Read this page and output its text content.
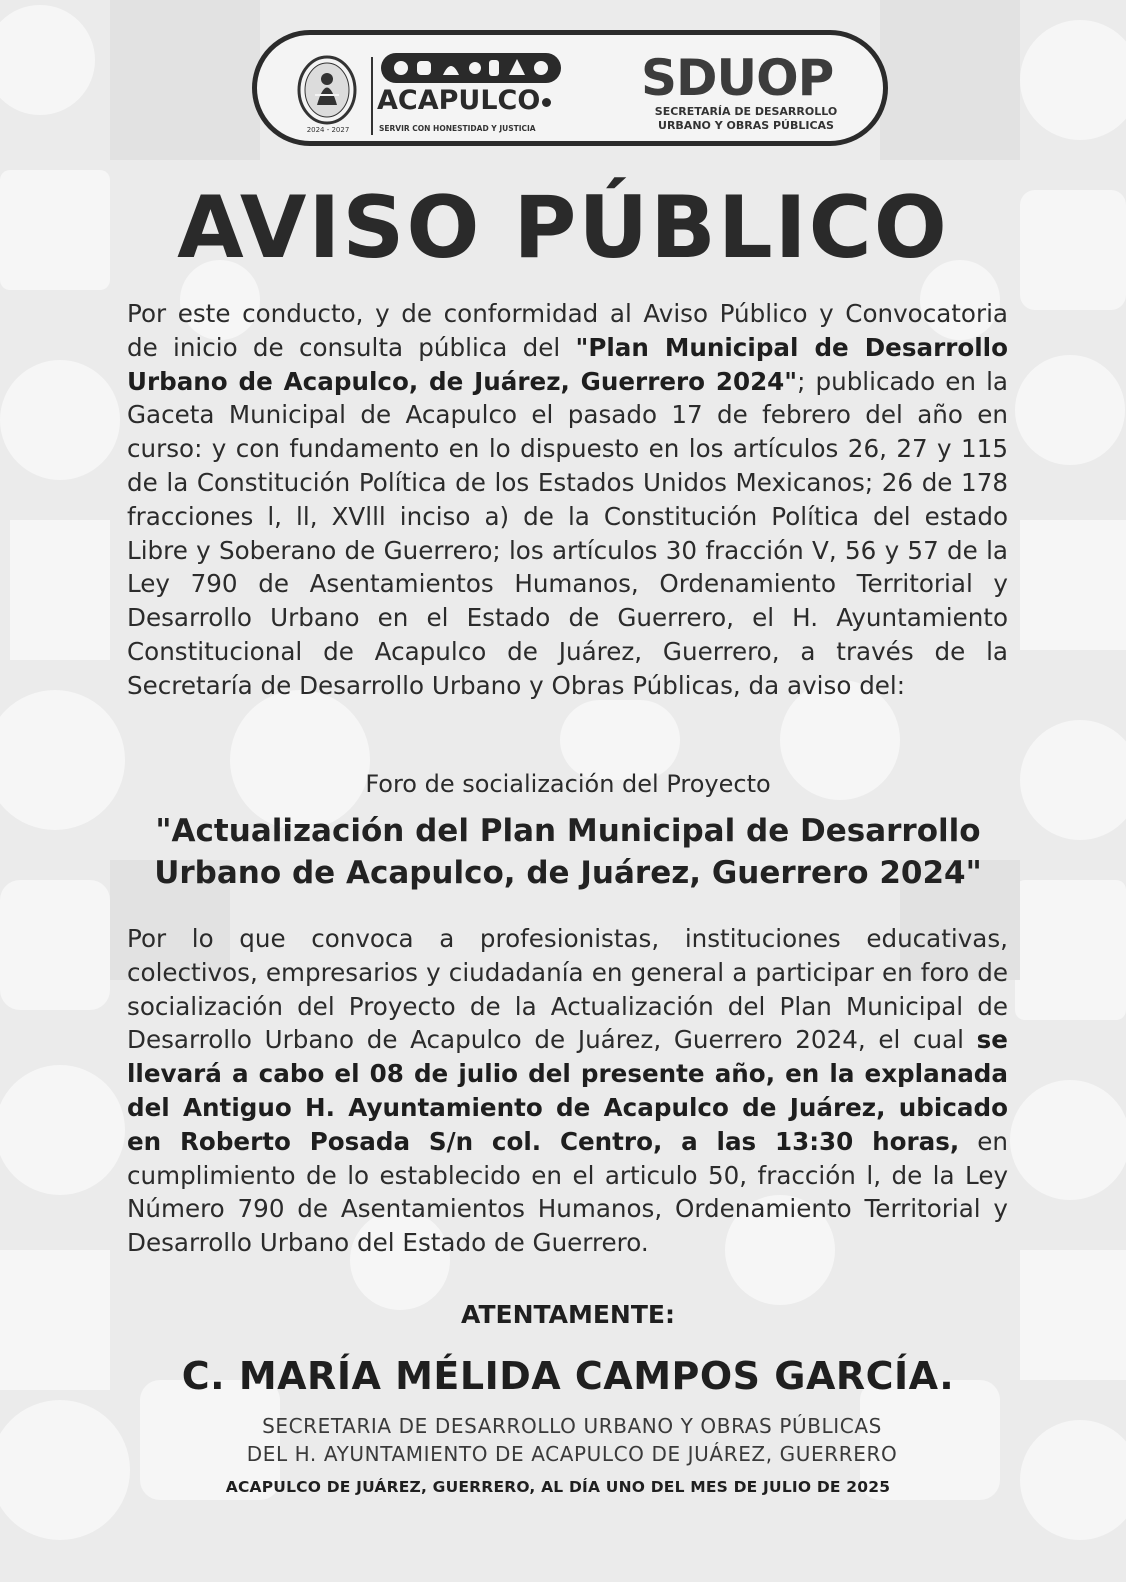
2024 - 2027
ACAPULCO
SERVIR CON HONESTIDAD Y JUSTICIA
SDUOP
SECRETARÍA DE DESARROLLO
URBANO Y OBRAS PÚBLICAS
AVISO PÚBLICO

Por este conducto, y de conformidad al Aviso Público y Convocatoria de inicio de consulta pública del "Plan Municipal de Desarrollo Urbano de Acapulco, de Juárez, Guerrero 2024"; publicado en la Gaceta Municipal de Acapulco el pasado 17 de febrero del año en curso: y con fundamento en lo dispuesto en los artículos 26, 27 y 115 de la Constitución Política de los Estados Unidos Mexicanos; 26 de 178 fracciones l, ll, XVlll inciso a) de la Constitución Política del estado Libre y Soberano de Guerrero; los artículos 30 fracción V, 56 y 57 de la Ley 790 de Asentamientos Humanos, Ordenamiento Territorial y Desarrollo Urbano en el Estado de Guerrero, el H. Ayuntamiento Constitucional de Acapulco de Juárez, Guerrero, a través de la Secretaría de Desarrollo Urbano y Obras Públicas, da aviso del:

Foro de socialización del Proyecto
"Actualización del Plan Municipal de Desarrollo Urbano de Acapulco, de Juárez, Guerrero 2024"

Por lo que convoca a profesionistas, instituciones educativas, colectivos, empresarios y ciudadanía en general a participar en foro de socialización del Proyecto de la Actualización del Plan Municipal de Desarrollo Urbano de Acapulco de Juárez, Guerrero 2024, el cual se llevará a cabo el 08 de julio del presente año, en la explanada del Antiguo H. Ayuntamiento de Acapulco de Juárez, ubicado en Roberto Posada S/n col. Centro, a las 13:30 horas, en cumplimiento de lo establecido en el articulo 50, fracción l, de la Ley Número 790 de Asentamientos Humanos, Ordenamiento Territorial y Desarrollo Urbano del Estado de Guerrero.

ATENTAMENTE:
C. MARÍA MÉLIDA CAMPOS GARCÍA.
SECRETARIA DE DESARROLLO URBANO Y OBRAS PÚBLICAS
DEL H. AYUNTAMIENTO DE ACAPULCO DE JUÁREZ, GUERRERO
ACAPULCO DE JUÁREZ, GUERRERO, AL DÍA UNO DEL MES DE JULIO DE 2025
